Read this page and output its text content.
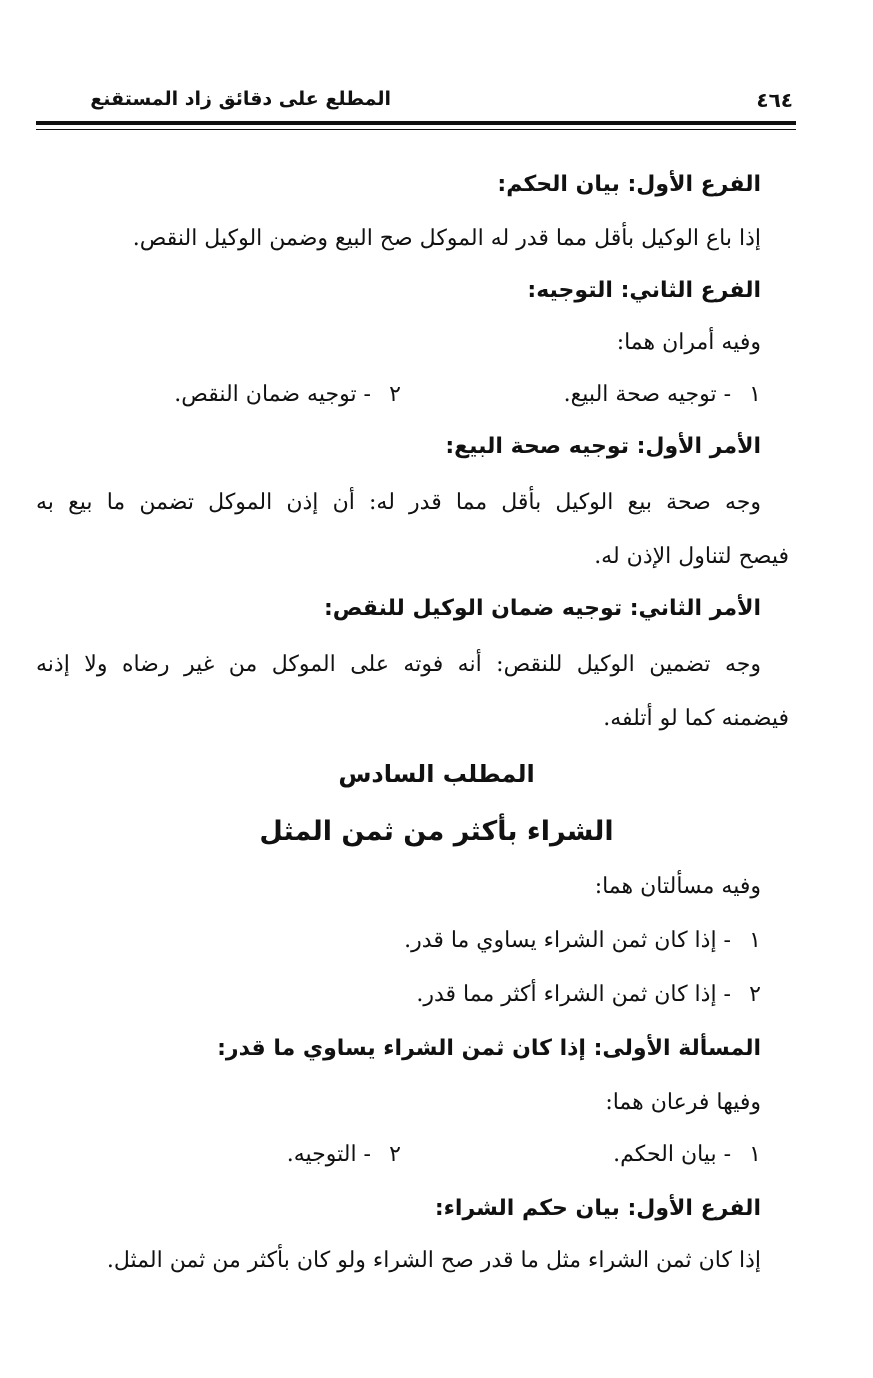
٤٦٤
المطلع على دقائق زاد المستقنع
الفرع الأول: بيان الحكم:
إذا باع الوكيل بأقل مما قدر له الموكل صح البيع وضمن الوكيل النقص.
الفرع الثاني: التوجيه:
وفيه أمران هما:
١
- توجيه صحة البيع.
٢
- توجيه ضمان النقص.
الأمر الأول: توجيه صحة البيع:
وجه صحة بيع الوكيل بأقل مما قدر له: أن إذن الموكل تضمن ما بيع به
فيصح لتناول الإذن له.
الأمر الثاني: توجيه ضمان الوكيل للنقص:
وجه تضمين الوكيل للنقص: أنه فوته على الموكل من غير رضاه ولا إذنه
فيضمنه كما لو أتلفه.
المطلب السادس
الشراء بأكثر من ثمن المثل
وفيه مسألتان هما:
١
- إذا كان ثمن الشراء يساوي ما قدر.
٢
- إذا كان ثمن الشراء أكثر مما قدر.
المسألة الأولى: إذا كان ثمن الشراء يساوي ما قدر:
وفيها فرعان هما:
١
- بيان الحكم.
٢
- التوجيه.
الفرع الأول: بيان حكم الشراء:
إذا كان ثمن الشراء مثل ما قدر صح الشراء ولو كان بأكثر من ثمن المثل.
